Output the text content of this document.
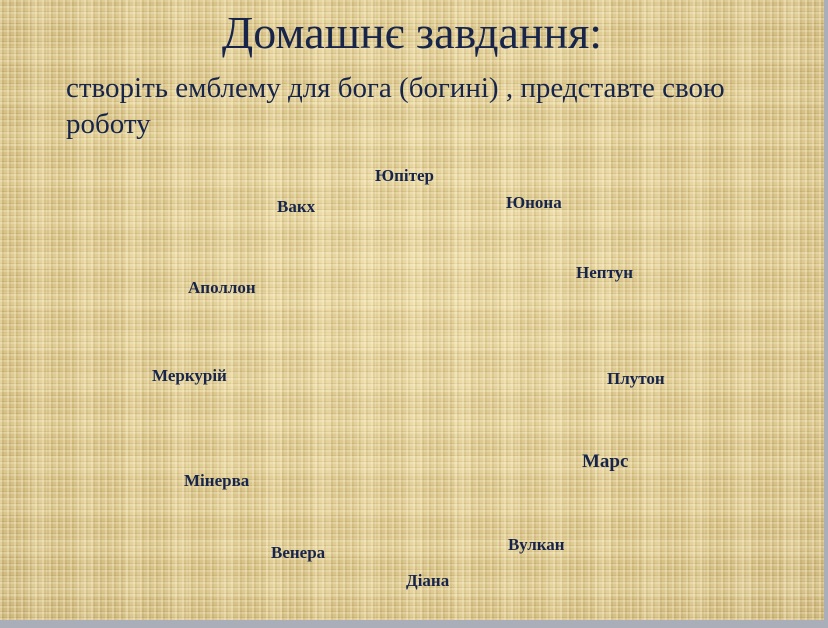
Домашнє завдання:

створіть емблему для бога (богині) , представте свою роботу

Юпітер
Вакх	Юнона
Нептун
Аполлон
Меркурій	Плутон
Марс
Мінерва
Венера	Вулкан
Діана
